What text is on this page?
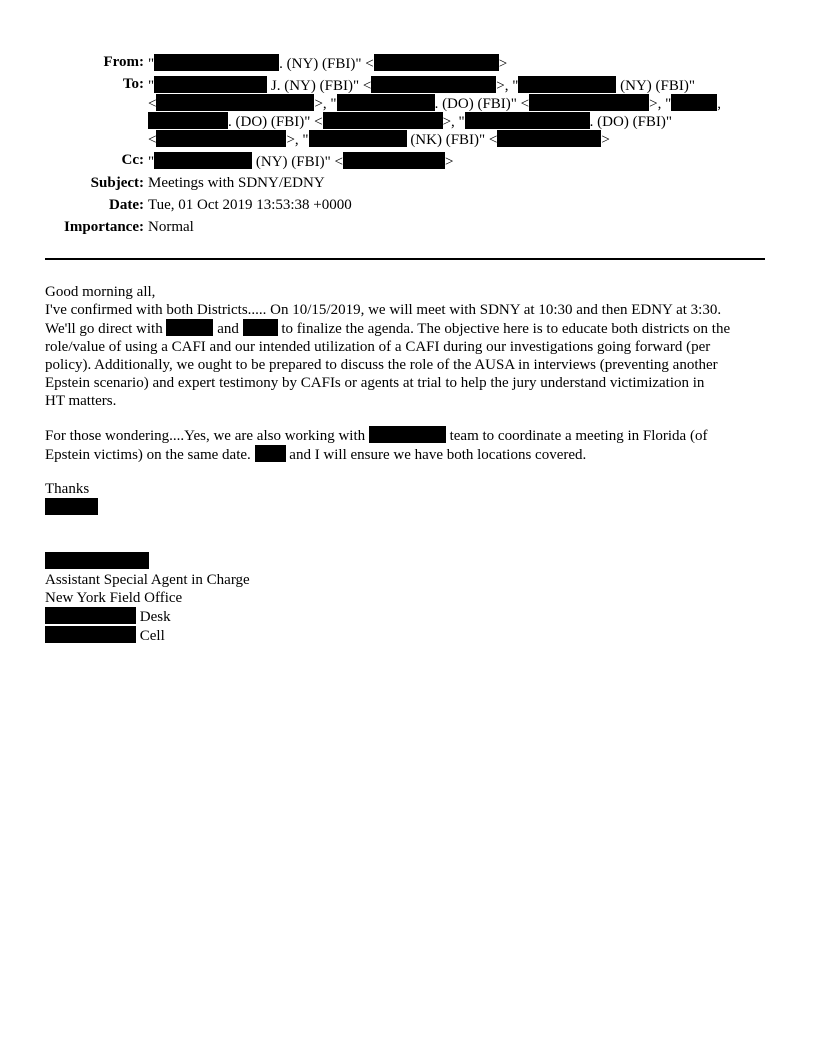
From: "	. (NY) (FBI)" <	>
To: "	J. (NY) (FBI)" <	>, "	(NY) (FBI)"
<	>, "	. (DO) (FBI)" <	>, "	,
. (DO) (FBI)" <	>, "	. (DO) (FBI)"
<	>, "	(NK) (FBI)" <	>
Cc: "	(NY) (FBI)" <	>
Subject: Meetings with SDNY/EDNY
Date: Tue, 01 Oct 2019 13:53:38 +0000
Importance: Normal
Good morning all,
I've confirmed with both Districts..... On 10/15/2019, we will meet with SDNY at 10:30 and then EDNY at 3:30.
We'll go direct with	and  to finalize the agenda. The objective here is to educate both districts on the
role/value of using a CAFI and our intended utilization of a CAFI during our investigations going forward (per
policy). Additionally, we ought to be prepared to discuss the role of the AUSA in interviews (preventing another
Epstein scenario) and expert testimony by CAFIs or agents at trial to help the jury understand victimization in
HT matters.
For those wondering....Yes, we are also working with	team to coordinate a meeting in Florida (of
Epstein victims) on the same date.  and I will ensure we have both locations covered.
Thanks
Assistant Special Agent in Charge
New York Field Office
Desk
Cell
